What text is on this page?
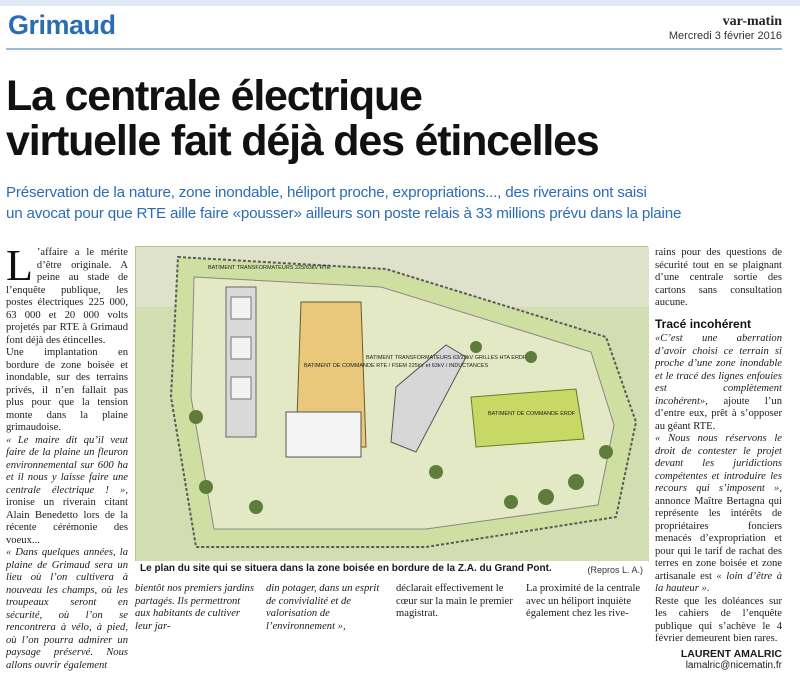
Grimaud	var-matin
Mercredi 3 février 2016
La centrale électrique
virtuelle fait déjà des étincelles
Préservation de la nature, zone inondable, héliport proche, expropriations..., des riverains ont saisi
un avocat pour que RTE aille faire «pousser» ailleurs son poste relais à 33 millions prévu dans la plaine

L ’affaire a le mérite d’être originale. A peine au stade de l’enquête publique, les postes électriques 225 000, 63 000 et 20 000 volts projetés par RTE à Grimaud font déjà des étincelles.

Une implantation en bordure de zone boisée et inondable, sur des terrains privés, il n’en fallait pas plus pour que la tension monte dans la plaine grimaudoise.

« Le maire dit qu’il veut faire de la plaine un fleuron environnemental sur 600 ha et il nous y laisse faire une centrale électrique ! », ironise un riverain citant Alain Benedetto lors de la récente cérémonie des voeux...

« Dans quelques années, la plaine de Grimaud sera un lieu où l’on cultivera à nouveau les champs, où les troupeaux seront en sécurité, où l’on se rencontrera à vélo, à pied, où l’on pourra admirer un paysage préservé. Nous allons ouvrir également

BATIMENT TRANSFORMATEURS 225/63kV RTE
BATIMENT DE COMMANDE RTE / FSEM 225kV et 63kV / INDUCTANCES
BATIMENT TRANSFORMATEURS 63/20kV GRILLES HTA ERDF
BATIMENT DE COMMANDE ERDF
Le plan du site qui se situera dans la zone boisée en bordure de la Z.A. du Grand Pont.	(Repros L. A.)
bientôt nos premiers jardins partagés. Ils permettront aux habitants de cultiver leur jar-
din potager, dans un esprit de convivialité et de valorisation de l’environnement »,
déclarait effectivement le cœur sur la main le premier magistrat.
La proximité de la centrale avec un héliport inquiète également chez les rive-

rains pour des questions de sécurité tout en se plaignant d’une centrale sortie des cartons sans consultation aucune.

Tracé incohérent

«C’est une aberration d’avoir choisi ce terrain si proche d’une zone inondable et le tracé des lignes enfouies est complètement incohérent», ajoute l’un d’entre eux, prêt à s’opposer au géant RTE.

« Nous nous réservons le droit de contester le projet devant les juridictions compétentes et introduire les recours qui s’imposent », annonce Maître Bertagna qui représente les intérêts de propriétaires fonciers menacés d’expropriation et pour qui le tarif de rachat des terres en zone boisée et zone artisanale est « loin d’être à la hauteur ».

Reste que les doléances sur les cahiers de l’enquête publique qui s’achève le 4 février demeurent bien rares.

LAURENT AMALRIC
lamalric@nicematin.fr
